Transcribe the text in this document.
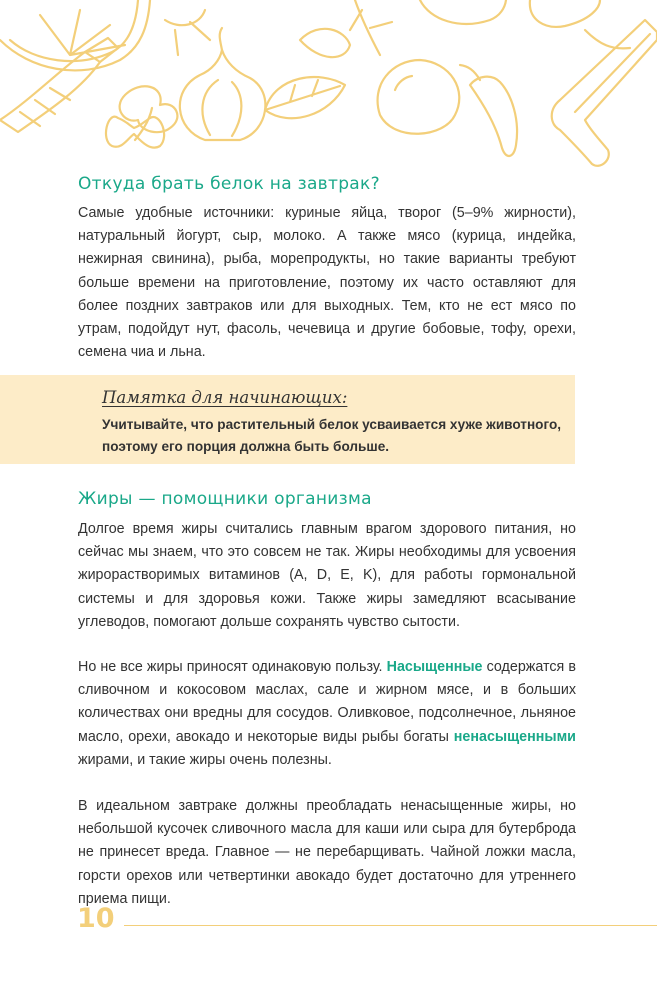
Откуда брать белок на завтрак?

Самые удобные источники: куриные яйца, творог (5–9% жирности), натуральный йогурт, сыр, молоко. А также мясо (курица, индейка, нежирная свинина), рыба, морепродукты, но такие варианты требуют больше времени на приготовление, поэтому их часто оставляют для более поздних завтраков или для выходных. Тем, кто не ест мясо по утрам, подойдут нут, фасоль, чечевица и другие бобовые, тофу, орехи, семена чиа и льна.

Памятка для начинающих:
Учитывайте, что растительный белок усваивается хуже животного, поэтому его порция должна быть больше.
Жиры — помощники организма

Долгое время жиры считались главным врагом здорового питания, но сейчас мы знаем, что это совсем не так. Жиры необходимы для усвоения жирорастворимых витаминов (A, D, E, K), для работы гормональной системы и для здоровья кожи. Также жиры замедляют всасывание углеводов, помогают дольше сохранять чувство сытости.

Но не все жиры приносят одинаковую пользу. Насыщенные содержатся в сливочном и кокосовом маслах, сале и жирном мясе, и в больших количествах они вредны для сосудов. Оливковое, подсолнечное, льняное масло, орехи, авокадо и некоторые виды рыбы богаты ненасыщенными жирами, и такие жиры очень полезны.

В идеальном завтраке должны преобладать ненасыщенные жиры, но небольшой кусочек сливочного масла для каши или сыра для бутерброда не принесет вреда. Главное — не перебарщивать. Чайной ложки масла, горсти орехов или четвертинки авокадо будет достаточно для утреннего приема пищи.

10
